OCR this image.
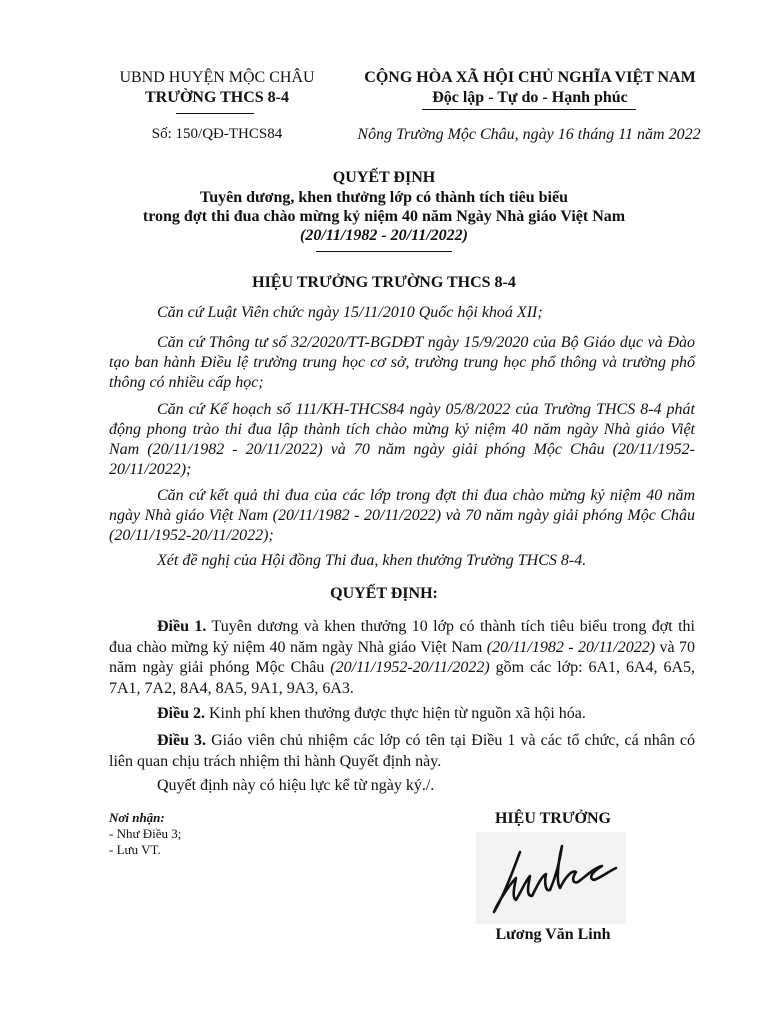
UBND HUYỆN MỘC CHÂU
TRƯỜNG THCS 8-4
CỘNG HÒA XÃ HỘI CHỦ NGHĨA VIỆT NAM
Độc lập - Tự do - Hạnh phúc
Số: 150/QĐ-THCS84	Nông Trường Mộc Châu, ngày 16 tháng 11 năm 2022
QUYẾT ĐỊNH
Tuyên dương, khen thưởng lớp có thành tích tiêu biểu
trong đợt thi đua chào mừng kỷ niệm 40 năm Ngày Nhà giáo Việt Nam
(20/11/1982 - 20/11/2022)
HIỆU TRƯỞNG TRƯỜNG THCS 8-4
Căn cứ Luật Viên chức ngày 15/11/2010 Quốc hội khoá XII;
Căn cứ Thông tư số 32/2020/TT-BGDĐT ngày 15/9/2020 của Bộ Giáo dục và Đào tạo ban hành Điều lệ trường trung học cơ sở, trường trung học phổ thông và trường phổ thông có nhiều cấp học;
Căn cứ Kế hoạch số 111/KH-THCS84 ngày 05/8/2022 của Trường THCS 8-4 phát động phong trào thi đua lập thành tích chào mừng kỷ niệm 40 năm ngày Nhà giáo Việt Nam (20/11/1982 - 20/11/2022) và 70 năm ngày giải phóng Mộc Châu (20/11/1952-20/11/2022);
Căn cứ kết quả thi đua của các lớp trong đợt thi đua chào mừng kỷ niệm 40 năm ngày Nhà giáo Việt Nam (20/11/1982 - 20/11/2022) và 70 năm ngày giải phóng Mộc Châu (20/11/1952-20/11/2022);
Xét đề nghị của Hội đồng Thi đua, khen thưởng Trường THCS 8-4.
QUYẾT ĐỊNH:
Điều 1. Tuyên dương và khen thưởng 10 lớp có thành tích tiêu biểu trong đợt thi đua chào mừng kỷ niệm 40 năm ngày Nhà giáo Việt Nam (20/11/1982 - 20/11/2022) và 70 năm ngày giải phóng Mộc Châu (20/11/1952-20/11/2022) gồm các lớp: 6A1, 6A4, 6A5, 7A1, 7A2, 8A4, 8A5, 9A1, 9A3, 6A3.
Điều 2. Kinh phí khen thưởng được thực hiện từ nguồn xã hội hóa.
Điều 3. Giáo viên chủ nhiệm các lớp có tên tại Điều 1 và các tổ chức, cá nhân có liên quan chịu trách nhiệm thi hành Quyết định này.
Quyết định này có hiệu lực kể từ ngày ký./.
Nơi nhận:
- Như Điều 3;
- Lưu VT.
HIỆU TRƯỞNG
Lương Văn Linh
